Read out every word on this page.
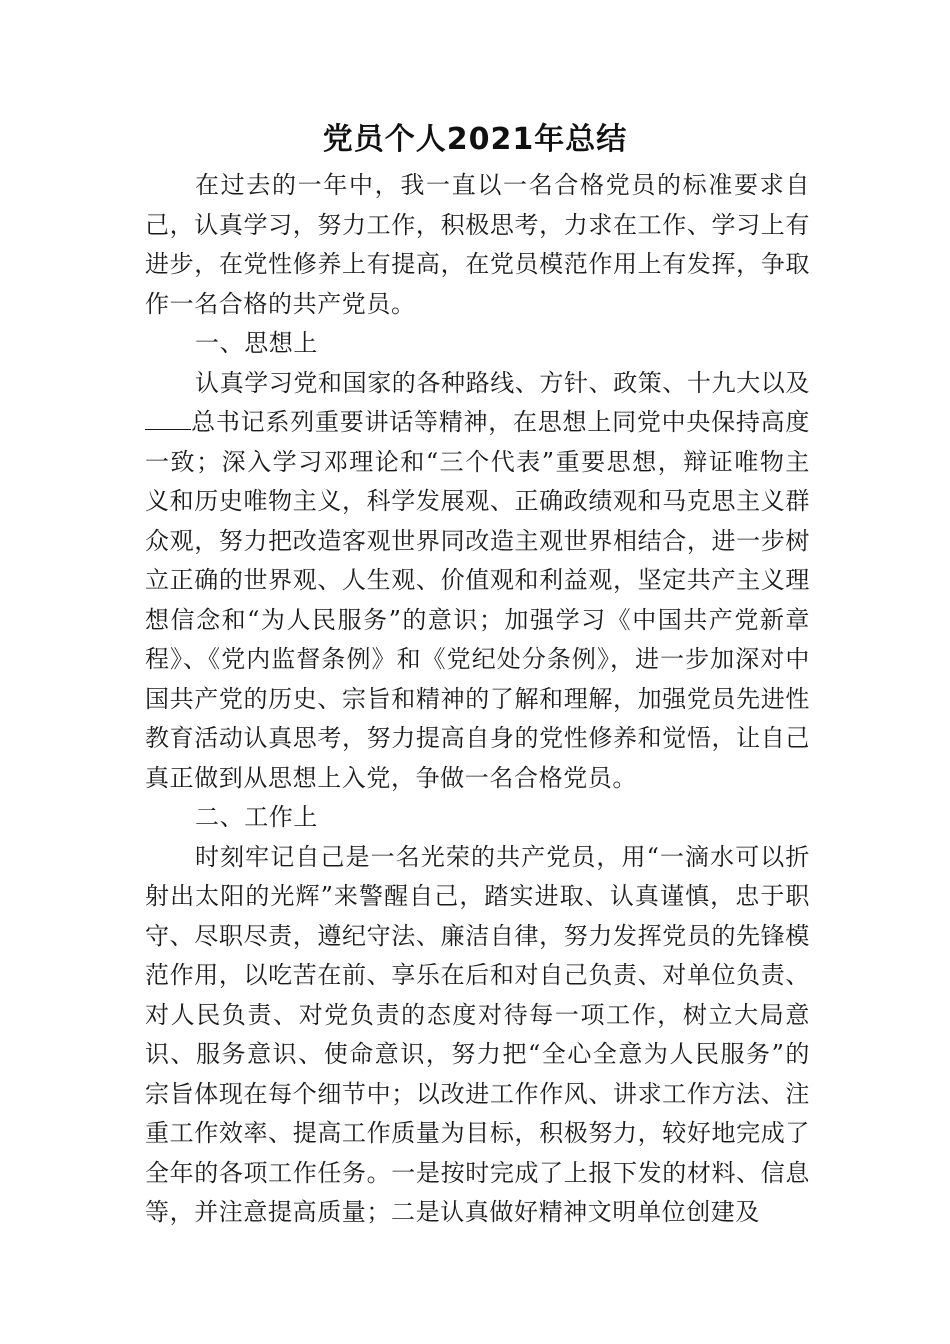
党员个人2021年总结

在过去的一年中，我一直以一名合格党员的标准要求自己，认真学习，努力工作，积极思考，力求在工作、学习上有进步，在党性修养上有提高，在党员模范作用上有发挥，争取作一名合格的共产党员。

一、思想上

认真学习党和国家的各种路线、方针、政策、十九大以及总书记系列重要讲话等精神，在思想上同党中央保持高度一致；深入学习邓理论和“三个代表”重要思想，辩证唯物主义和历史唯物主义，科学发展观、正确政绩观和马克思主义群众观，努力把改造客观世界同改造主观世界相结合，进一步树立正确的世界观、人生观、价值观和利益观，坚定共产主义理想信念和“为人民服务”的意识；加强学习《中国共产党新章程》、《党内监督条例》和《党纪处分条例》，进一步加深对中国共产党的历史、宗旨和精神的了解和理解，加强党员先进性教育活动认真思考，努力提高自身的党性修养和觉悟，让自己真正做到从思想上入党，争做一名合格党员。

二、工作上

时刻牢记自己是一名光荣的共产党员，用“一滴水可以折射出太阳的光辉”来警醒自己，踏实进取、认真谨慎，忠于职守、尽职尽责，遵纪守法、廉洁自律，努力发挥党员的先锋模范作用，以吃苦在前、享乐在后和对自己负责、对单位负责、对人民负责、对党负责的态度对待每一项工作，树立大局意识、服务意识、使命意识，努力把“全心全意为人民服务”的宗旨体现在每个细节中；以改进工作作风、讲求工作方法、注重工作效率、提高工作质量为目标，积极努力，较好地完成了全年的各项工作任务。一是按时完成了上报下发的材料、信息等，并注意提高质量；二是认真做好精神文明单位创建及
